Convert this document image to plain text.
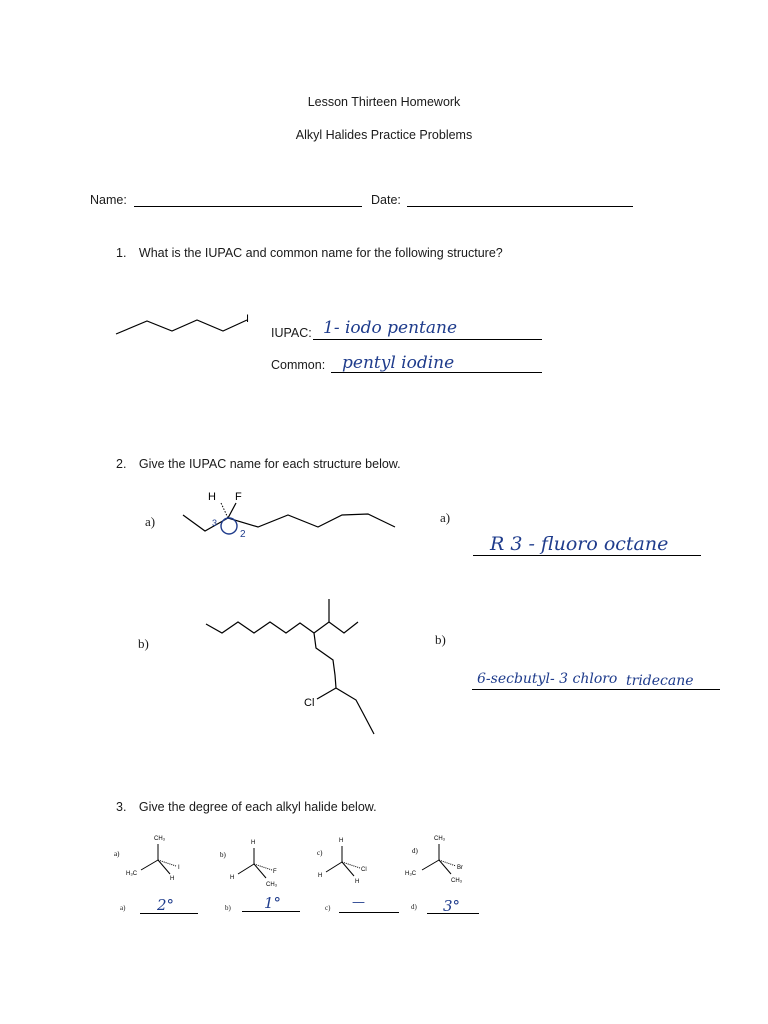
Lesson Thirteen Homework
Alkyl Halides Practice Problems
Name:	Date:
1. What is the IUPAC and common name for the following structure?
I
IUPAC: 1- iodo pentane
Common: pentyl iodine
2. Give the IUPAC name for each structure below.
a)
H F
3
2
a)
R 3 - fluoro octane
b)
Cl
b)
6-secbutyl- 3 chloro tridecane
3. Give the degree of each alkyl halide below.
a)
CH₃
H₃C
I
H
b)
H
H
F
CH₃
c)
H
H
Cl
H
d)
CH₃
H₃C
Br
CH₃
a) 2°	b) 1°	c) —	d) 3°
